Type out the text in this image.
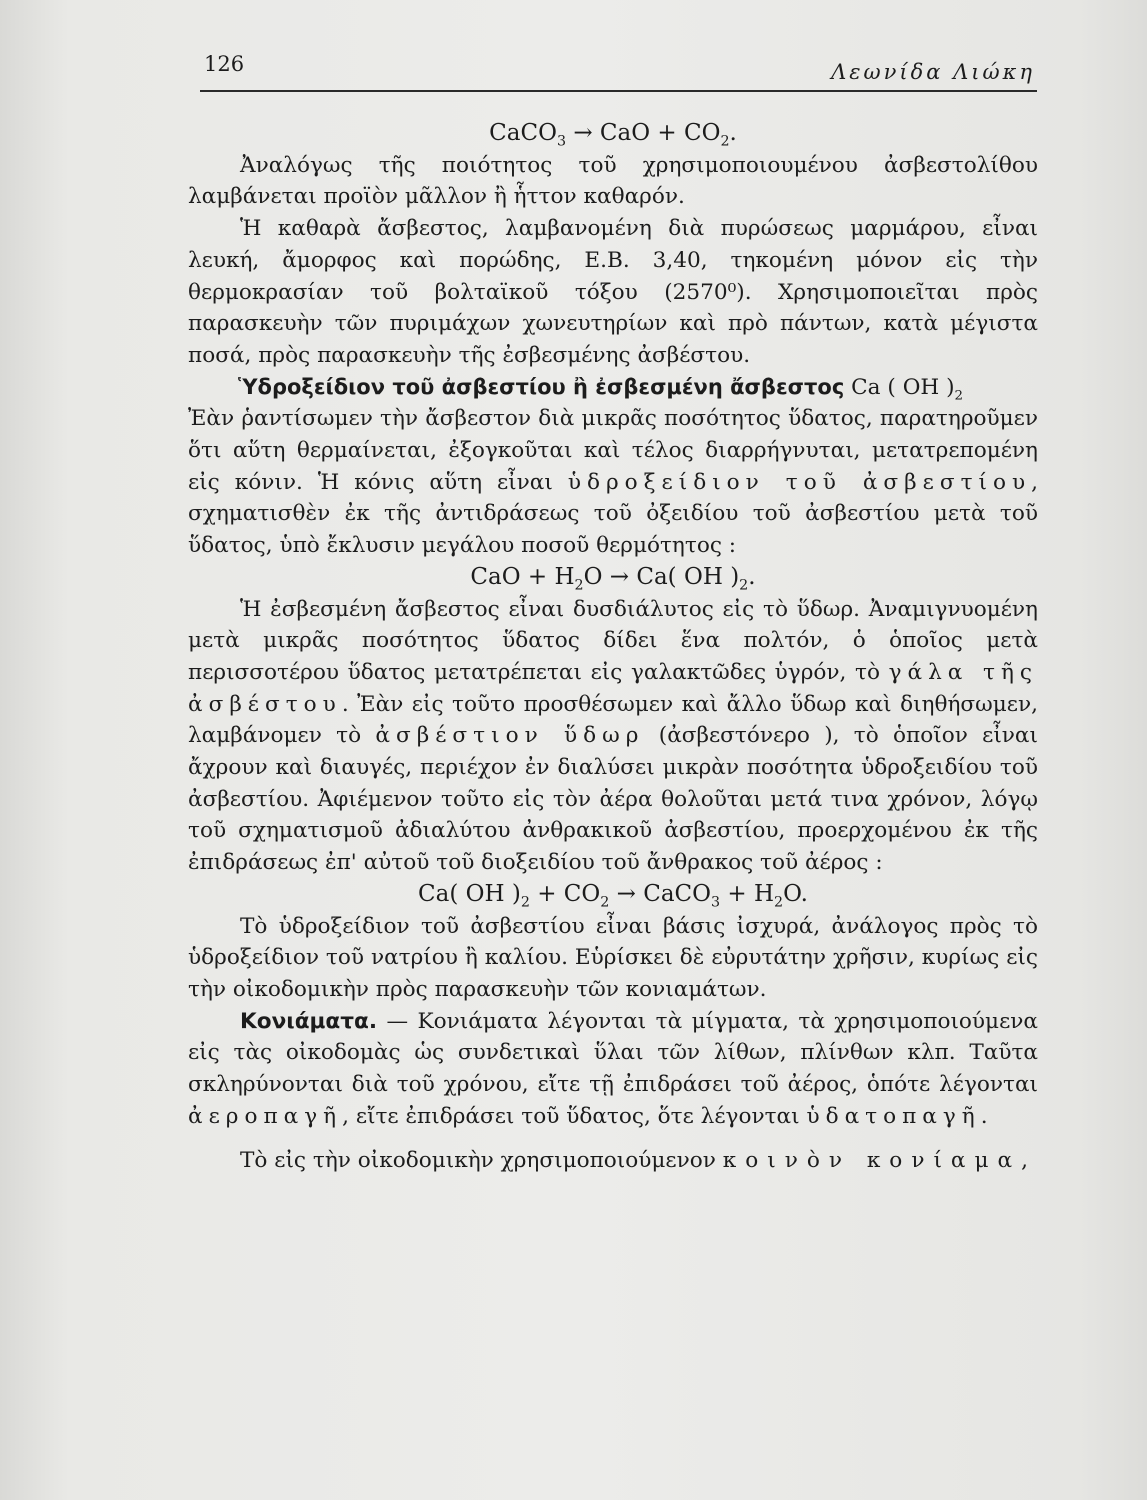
126	Λεωνίδα Λιώκη

CaCO$_3$ → CaO + $CO_2$.

Ἀναλόγως τῆς ποιότητος τοῦ χρησιμοποιουμένου ἀσβεστολίθου λαμβάνεται προϊὸν μᾶλλον ἢ ἧττον καθαρόν.

Ἡ καθαρὰ ἄσβεστος, λαμβανομένη διὰ πυρώσεως μαρμάρου, εἶναι λευκή, ἄμορφος καὶ πορώδης, Ε.Β. 3,40, τηκομένη μόνον εἰς τὴν θερμοκρασίαν τοῦ βολταϊκοῦ τόξου (2570⁰). Χρησιμοποιεῖται πρὸς παρασκευὴν τῶν πυριμάχων χωνευτηρίων καὶ πρὸ πάντων, κατὰ μέγιστα ποσά, πρὸς παρασκευὴν τῆς ἐσβεσμένης ἀσβέστου.

Ὑδροξείδιον τοῦ ἀσβεστίου ἢ ἐσβεσμένη ἄσβεστος Ca ( OH )$_2$

Ἐὰν ῥαντίσωμεν τὴν ἄσβεστον διὰ μικρᾶς ποσότητος ὕδατος, παρατηροῦμεν ὅτι αὕτη θερμαίνεται, ἐξογκοῦται καὶ τέλος διαρρήγνυται, μετατρεπομένη εἰς κόνιν. Ἡ κόνις αὕτη εἶναι ὑδροξείδιον τοῦ ἀσβεστίου, σχηματισθὲν ἐκ τῆς ἀντιδράσεως τοῦ ὀξειδίου τοῦ ἀσβεστίου μετὰ τοῦ ὕδατος, ὑπὸ ἔκλυσιν μεγάλου ποσοῦ θερμότητος :

CaO + $H_2O \to Ca$( OH )$_2$.

Ἡ ἐσβεσμένη ἄσβεστος εἶναι δυσδιάλυτος εἰς τὸ ὕδωρ. Ἀναμιγνυομένη μετὰ μικρᾶς ποσότητος ὕδατος δίδει ἕνα πολτόν, ὁ ὁποῖος μετὰ περισσοτέρου ὕδατος μετατρέπεται εἰς γαλακτῶδες ὑγρόν, τὸ γάλα τῆς ἀσβέστου. Ἐὰν εἰς τοῦτο προσθέσωμεν καὶ ἄλλο ὕδωρ καὶ διηθήσωμεν, λαμβάνομεν τὸ ἀσβέστιον ὕδωρ (ἀσβεστόνερο ), τὸ ὁποῖον εἶναι ἄχρουν καὶ διαυγές, περιέχον ἐν διαλύσει μικρὰν ποσότητα ὑδροξειδίου τοῦ ἀσβεστίου. Ἀφιέμενον τοῦτο εἰς τὸν ἀέρα θολοῦται μετά τινα χρόνον, λόγῳ τοῦ σχηματισμοῦ ἀδιαλύτου ἀνθρακικοῦ ἀσβεστίου, προερχομένου ἐκ τῆς ἐπιδράσεως ἐπ' αὐτοῦ τοῦ διοξειδίου τοῦ ἄνθρακος τοῦ ἀέρος :

Ca( OH )$_2 + CO_2$ → CaCO$_3$ + $H_2O$.

Τὸ ὑδροξείδιον τοῦ ἀσβεστίου εἶναι βάσις ἰσχυρά, ἀνάλογος πρὸς τὸ ὑδροξείδιον τοῦ νατρίου ἢ καλίου. Εὑρίσκει δὲ εὐρυτάτην χρῆσιν, κυρίως εἰς τὴν οἰκοδομικὴν πρὸς παρασκευὴν τῶν κονιαμάτων.

Κονιάματα. — Κονιάματα λέγονται τὰ μίγματα, τὰ χρησιμοποιούμενα εἰς τὰς οἰκοδομὰς ὡς συνδετικαὶ ὕλαι τῶν λίθων, πλίνθων κλπ. Ταῦτα σκληρύνονται διὰ τοῦ χρόνου, εἴτε τῇ ἐπιδράσει τοῦ ἀέρος, ὁπότε λέγονται ἀεροπαγῆ, εἴτε ἐπιδράσει τοῦ ὕδατος, ὅτε λέγονται ὑδατοπαγῆ.

Τὸ εἰς τὴν οἰκοδομικὴν χρησιμοποιούμενον κοινὸν κονίαμα,
